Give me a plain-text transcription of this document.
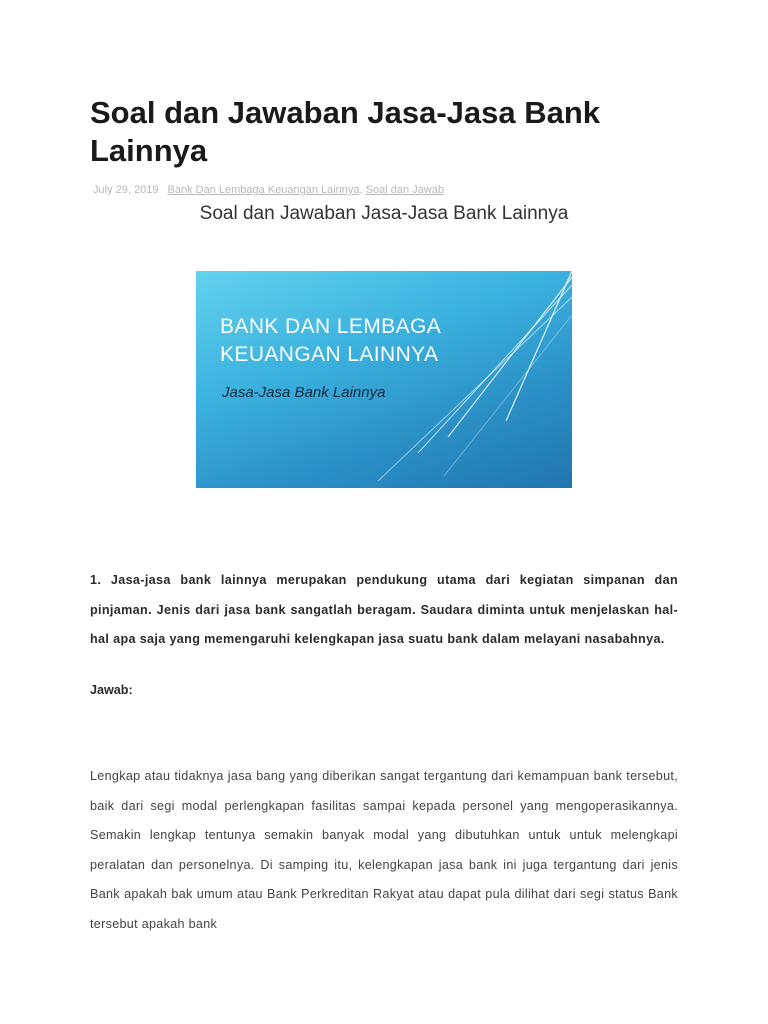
Soal dan Jawaban Jasa-Jasa Bank Lainnya
July 29, 2019 Bank Dan Lembaga Keuangan Lainnya, Soal dan Jawab
Soal dan Jawaban Jasa-Jasa Bank Lainnya
BANK DAN LEMBAGA
KEUANGAN LAINNYA
Jasa-Jasa Bank Lainnya

1. Jasa-jasa bank lainnya merupakan pendukung utama dari kegiatan simpanan dan pinjaman. Jenis dari jasa bank sangatlah beragam. Saudara diminta untuk menjelaskan hal-hal apa saja yang memengaruhi kelengkapan jasa suatu bank dalam melayani nasabahnya.

Jawab:

Lengkap atau tidaknya jasa bang yang diberikan sangat tergantung dari kemampuan bank tersebut, baik dari segi modal perlengkapan fasilitas sampai kepada personel yang mengoperasikannya. Semakin lengkap tentunya semakin banyak modal yang dibutuhkan untuk untuk melengkapi peralatan dan personelnya. Di samping itu, kelengkapan jasa bank ini juga tergantung dari jenis Bank apakah bak umum atau Bank Perkreditan Rakyat atau dapat pula dilihat dari segi status Bank tersebut apakah bank
